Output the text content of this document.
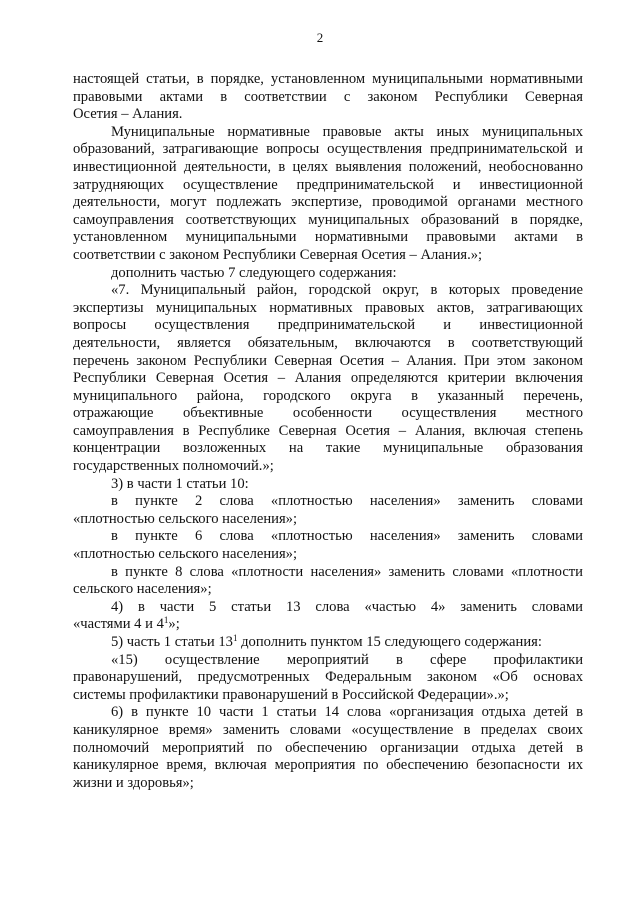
2
настоящей статьи, в порядке, установленном муниципальными нормативными
правовыми актами в соответствии с законом Республики Северная
Осетия – Алания.
Муниципальные нормативные правовые акты иных муниципальных
образований, затрагивающие вопросы осуществления предпринимательской и
инвестиционной деятельности, в целях выявления положений, необоснованно
затрудняющих осуществление предпринимательской и инвестиционной
деятельности, могут подлежать экспертизе, проводимой органами местного
самоуправления соответствующих муниципальных образований в порядке,
установленном муниципальными нормативными правовыми актами в
соответствии с законом Республики Северная Осетия – Алания.»;
дополнить частью 7 следующего содержания:
«7. Муниципальный район, городской округ, в которых проведение
экспертизы муниципальных нормативных правовых актов, затрагивающих
вопросы осуществления предпринимательской и инвестиционной
деятельности, является обязательным, включаются в соответствующий
перечень законом Республики Северная Осетия – Алания. При этом законом
Республики Северная Осетия – Алания определяются критерии включения
муниципального района, городского округа в указанный перечень,
отражающие объективные особенности осуществления местного
самоуправления в Республике Северная Осетия – Алания, включая степень
концентрации возложенных на такие муниципальные образования
государственных полномочий.»;
3) в части 1 статьи 10:
в пункте 2 слова «плотностью населения» заменить словами
«плотностью сельского населения»;
в пункте 6 слова «плотностью населения» заменить словами
«плотностью сельского населения»;
в пункте 8 слова «плотности населения» заменить словами «плотности
сельского населения»;
4) в части 5 статьи 13 слова «частью 4» заменить словами
«частями 4 и $4^1$»;
5) часть 1 статьи $13^1$ дополнить пунктом 15 следующего содержания:
«15) осуществление мероприятий в сфере профилактики
правонарушений, предусмотренных Федеральным законом «Об основах
системы профилактики правонарушений в Российской Федерации».»;
6) в пункте 10 части 1 статьи 14 слова «организация отдыха детей в
каникулярное время» заменить словами «осуществление в пределах своих
полномочий мероприятий по обеспечению организации отдыха детей в
каникулярное время, включая мероприятия по обеспечению безопасности их
жизни и здоровья»;
